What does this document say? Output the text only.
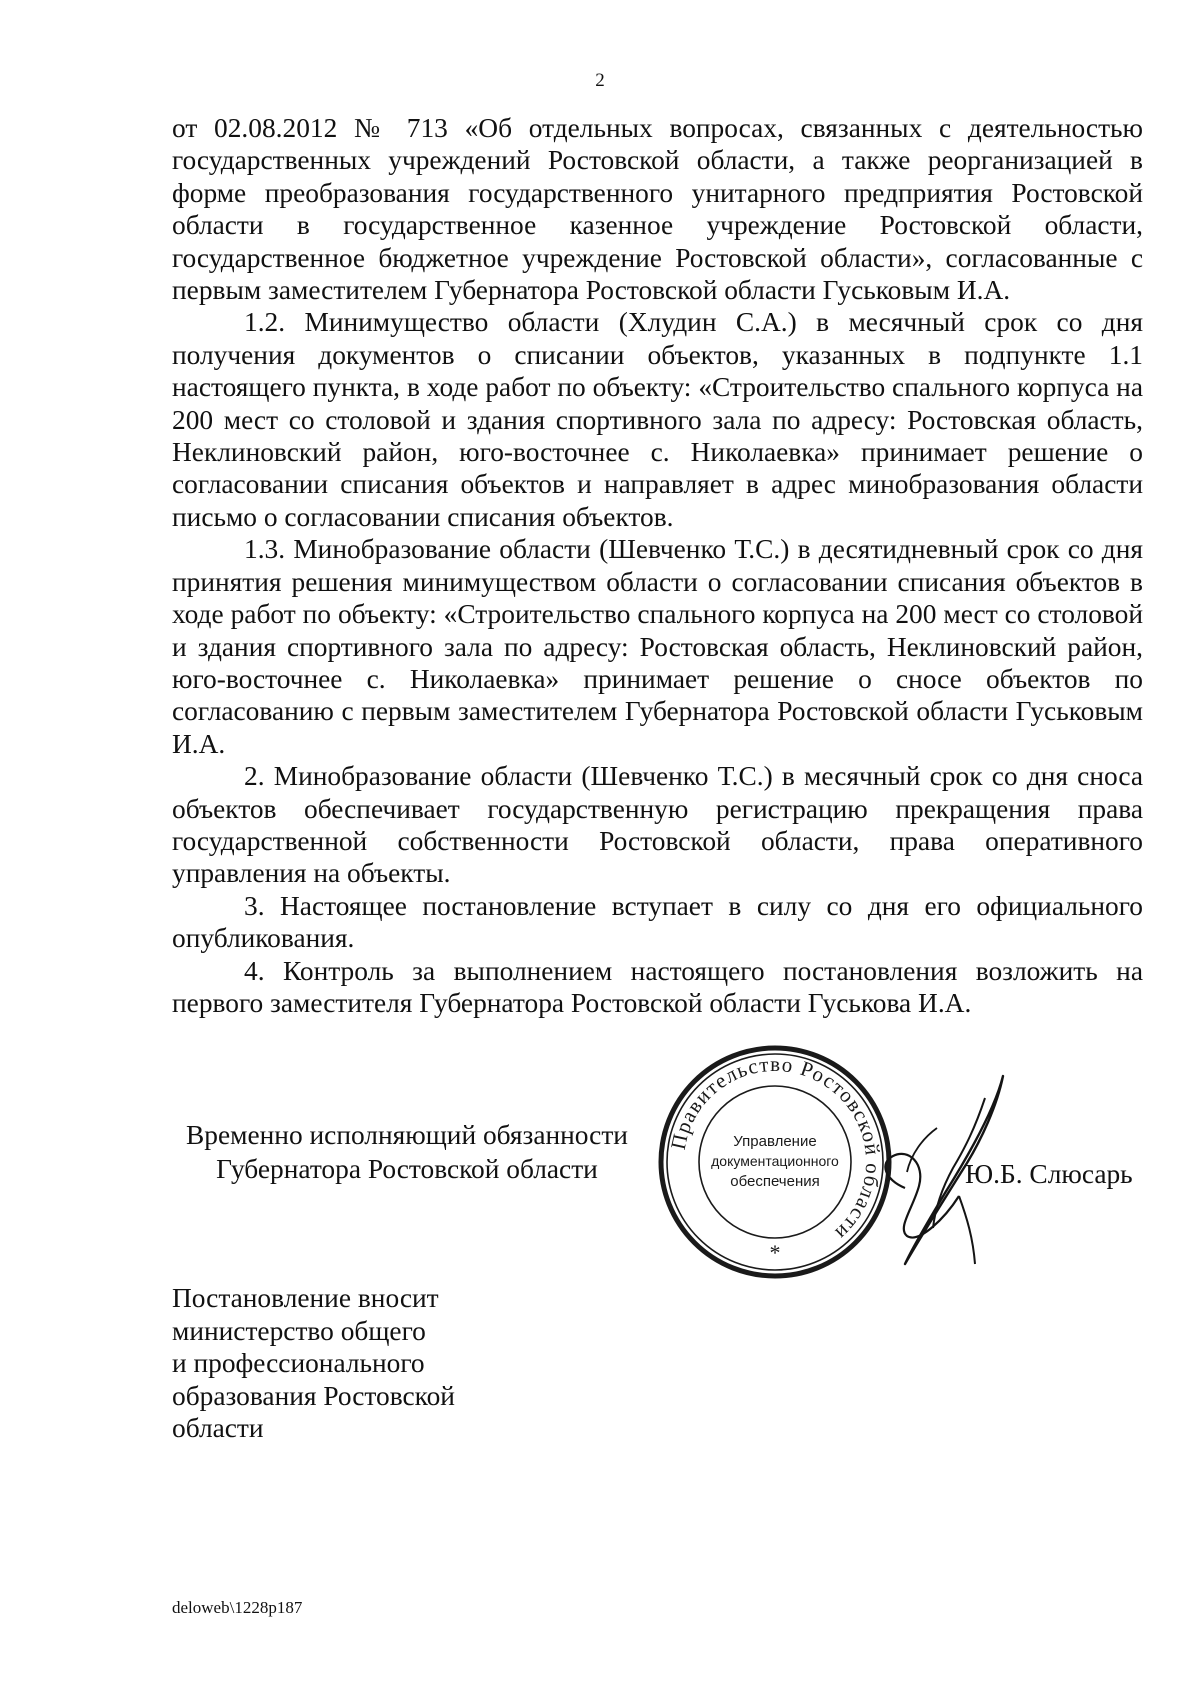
2

от 02.08.2012 № 713 «Об отдельных вопросах, связанных с деятельностью государственных учреждений Ростовской области, а также реорганизацией в форме преобразования государственного унитарного предприятия Ростовской области в государственное казенное учреждение Ростовской области, государственное бюджетное учреждение Ростовской области», согласованные с первым заместителем Губернатора Ростовской области Гуськовым И.А.

1.2. Минимущество области (Хлудин С.А.) в месячный срок со дня получения документов о списании объектов, указанных в подпункте 1.1 настоящего пункта, в ходе работ по объекту: «Строительство спального корпуса на 200 мест со столовой и здания спортивного зала по адресу: Ростовская область, Неклиновский район, юго-восточнее с. Николаевка» принимает решение о согласовании списания объектов и направляет в адрес минобразования области письмо о согласовании списания объектов.

1.3. Минобразование области (Шевченко Т.С.) в десятидневный срок со дня принятия решения минимуществом области о согласовании списания объектов в ходе работ по объекту: «Строительство спального корпуса на 200 мест со столовой и здания спортивного зала по адресу: Ростовская область, Неклиновский район, юго-восточнее с. Николаевка» принимает решение о сносе объектов по согласованию с первым заместителем Губернатора Ростовской области Гуськовым И.А.

2. Минобразование области (Шевченко Т.С.) в месячный срок со дня сноса объектов обеспечивает государственную регистрацию прекращения права государственной собственности Ростовской области, права оперативного управления на объекты.

3. Настоящее постановление вступает в силу со дня его официального опубликования.

4. Контроль за выполнением настоящего постановления возложить на первого заместителя Губернатора Ростовской области Гуськова И.А.

Временно исполняющий обязанности
Губернатора Ростовской области
Правительство Ростовской области
Управление
документационного
обеспечения
*
Ю.Б. Слюсарь
Постановление вносит
министерство общего
и профессионального
образования Ростовской
области
deloweb\1228p187
